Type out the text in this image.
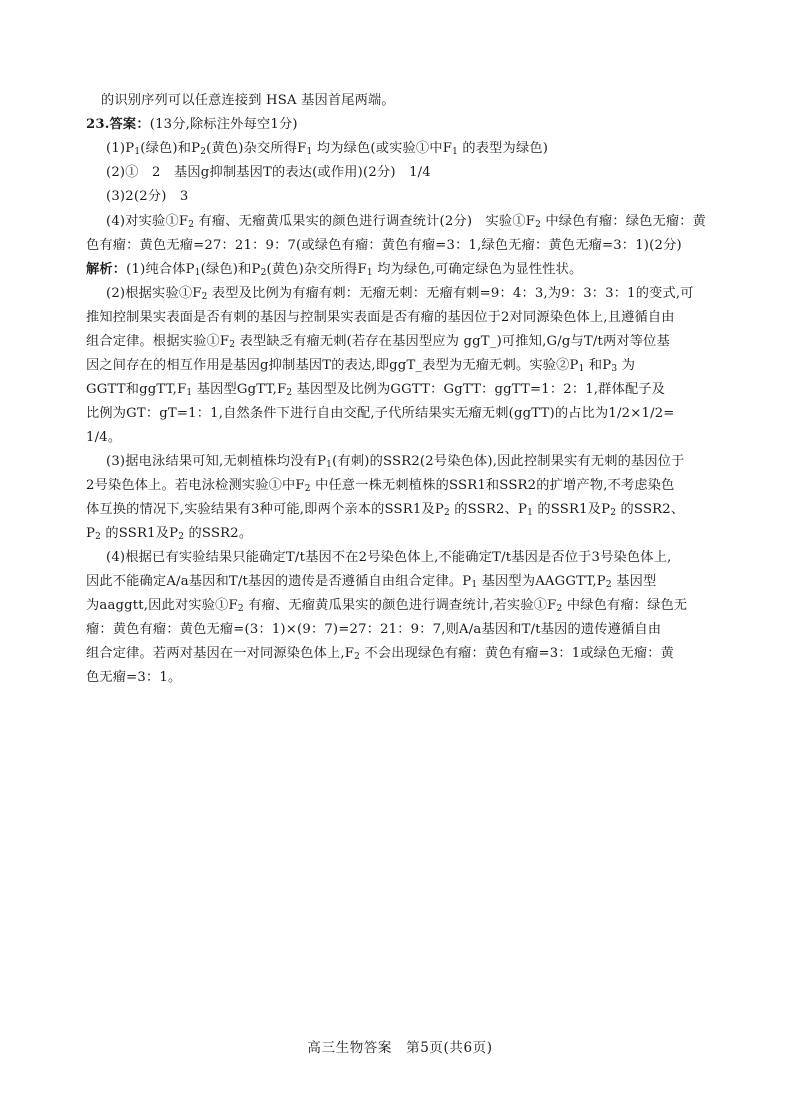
的识别序列可以任意连接到 HSA 基因首尾两端。
23.答案：(13分,除标注外每空1分)
$(1)P_1$(绿色)和$P_2$(黄色)杂交所得$F_1$ 均为绿色(或实验①中$F_1$ 的表型为绿色)
(2)①　2　基因g抑制基因T的表达(或作用)(2分)　1/4
(3)2(2分)　3
(4)对实验$①F_2$ 有瘤、无瘤黄瓜果实的颜色进行调查统计(2分)　实验$①F_2$ 中绿色有瘤：绿色无瘤：黄
色有瘤：黄色无瘤=27：21：9：7(或绿色有瘤：黄色有瘤=3：1,绿色无瘤：黄色无瘤=3：1)(2分)
解析：(1)纯合体$P_1$(绿色)和$P_2$(黄色)杂交所得$F_1$ 均为绿色,可确定绿色为显性性状。
(2)根据实验$①F_2$ 表型及比例为有瘤有刺：无瘤无刺：无瘤有刺=9：4：3,为9：3：3：1的变式,可
推知控制果实表面是否有刺的基因与控制果实表面是否有瘤的基因位于2对同源染色体上,且遵循自由
组合定律。根据实验$①F_2$ 表型缺乏有瘤无刺(若存在基因型应为 ggT_)可推知,G/g与T/t两对等位基
因之间存在的相互作用是基因g抑制基因T的表达,即ggT_表型为无瘤无刺。实验$②P_1$ 和$P_3$ 为
GGTT和$ggTT,F_1$ 基因型$GgTT,F_2$ 基因型及比例为GGTT：GgTT：ggTT=1：2：1,群体配子及
比例为GT：gT=1：1,自然条件下进行自由交配,子代所结果实无瘤无刺(ggTT)的占比为1/2×1/2=
1/4。
(3)据电泳结果可知,无刺植株均没有$P_1$(有刺)的SSR2(2号染色体),因此控制果实有无刺的基因位于
2号染色体上。若电泳检测实验①中$F_2$ 中任意一株无刺植株的SSR1和SSR2的扩增产物,不考虑染色
体互换的情况下,实验结果有3种可能,即两个亲本的SSR1及$P_2$ 的SSR2、$P_1$ 的SSR1及$P_2$ 的SSR2、
$P_2$ 的SSR1及$P_2$ 的SSR2。
(4)根据已有实验结果只能确定T/t基因不在2号染色体上,不能确定T/t基因是否位于3号染色体上,
因此不能确定A/a基因和T/t基因的遗传是否遵循自由组合定律。$P_1$ 基因型为$AAGGTT,P_2$ 基因型
为aaggtt,因此对实验$①F_2$ 有瘤、无瘤黄瓜果实的颜色进行调查统计,若实验$①F_2$ 中绿色有瘤：绿色无
瘤：黄色有瘤：黄色无瘤=(3：1)×(9：7)=27：21：9：7,则A/a基因和T/t基因的遗传遵循自由
组合定律。若两对基因在一对同源染色体上$,F_2$ 不会出现绿色有瘤：黄色有瘤=3：1或绿色无瘤：黄
色无瘤=3：1。
高三生物答案　第5页(共6页)
